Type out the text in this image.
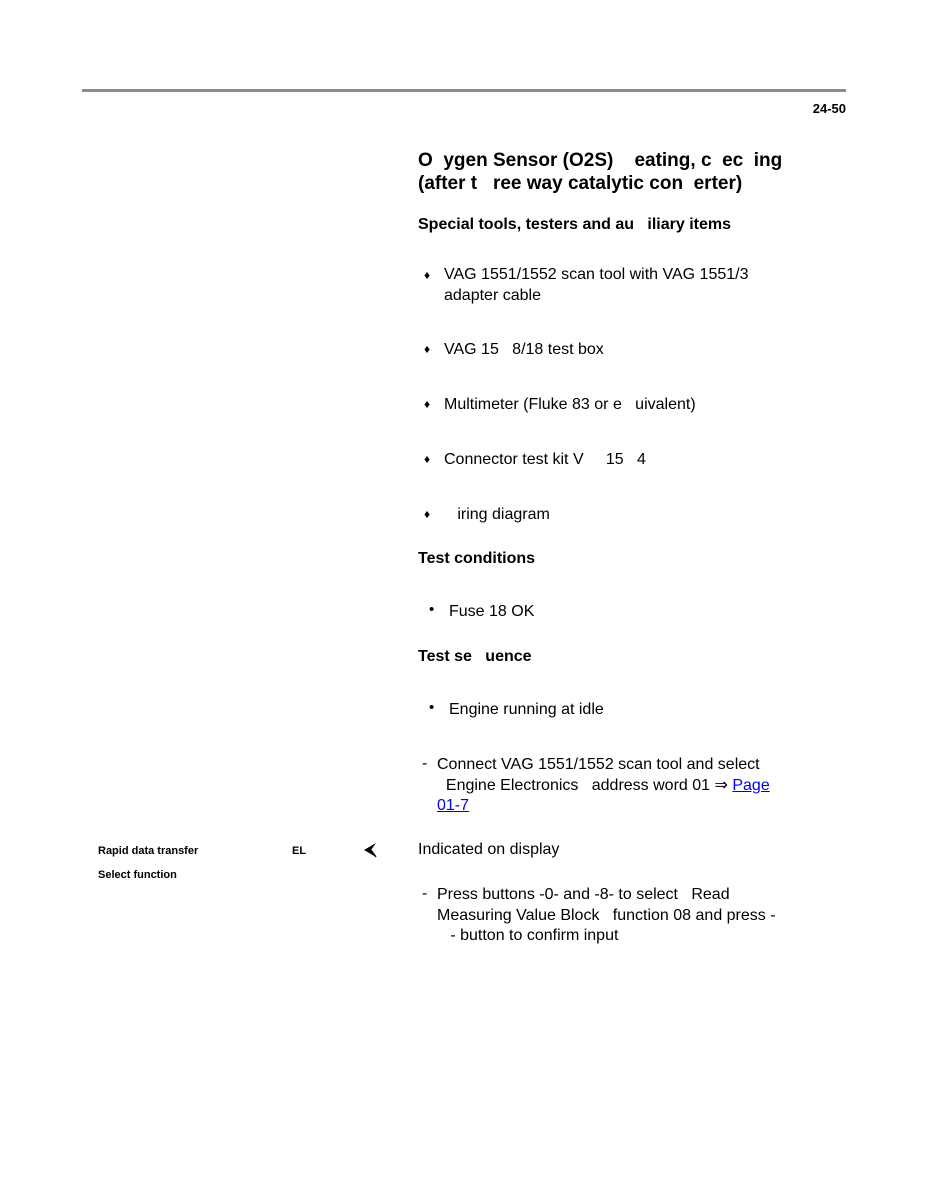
24-50
O  ygen Sensor (O2S)    eating, c  ec  ing
(after t   ree way catalytic con  erter)
Special tools, testers and au   iliary items
♦ VAG 1551/1552 scan tool with VAG 1551/3
adapter cable
♦ VAG 15   8/18 test box
♦ Multimeter (Fluke 83 or e   uivalent)
♦ Connector test kit V     15   4
♦ iring diagram
Test conditions
• Fuse 18 OK
Test se   uence
• Engine running at idle
- Connect VAG 1551/1552 scan tool and select
Engine Electronics   address word 01 ⇒ Page
01-7
Rapid data transfer	EL
Select function
Indicated on display
- Press buttons -0- and -8- to select   Read
Measuring Value Block   function 08 and press -
- button to confirm input
